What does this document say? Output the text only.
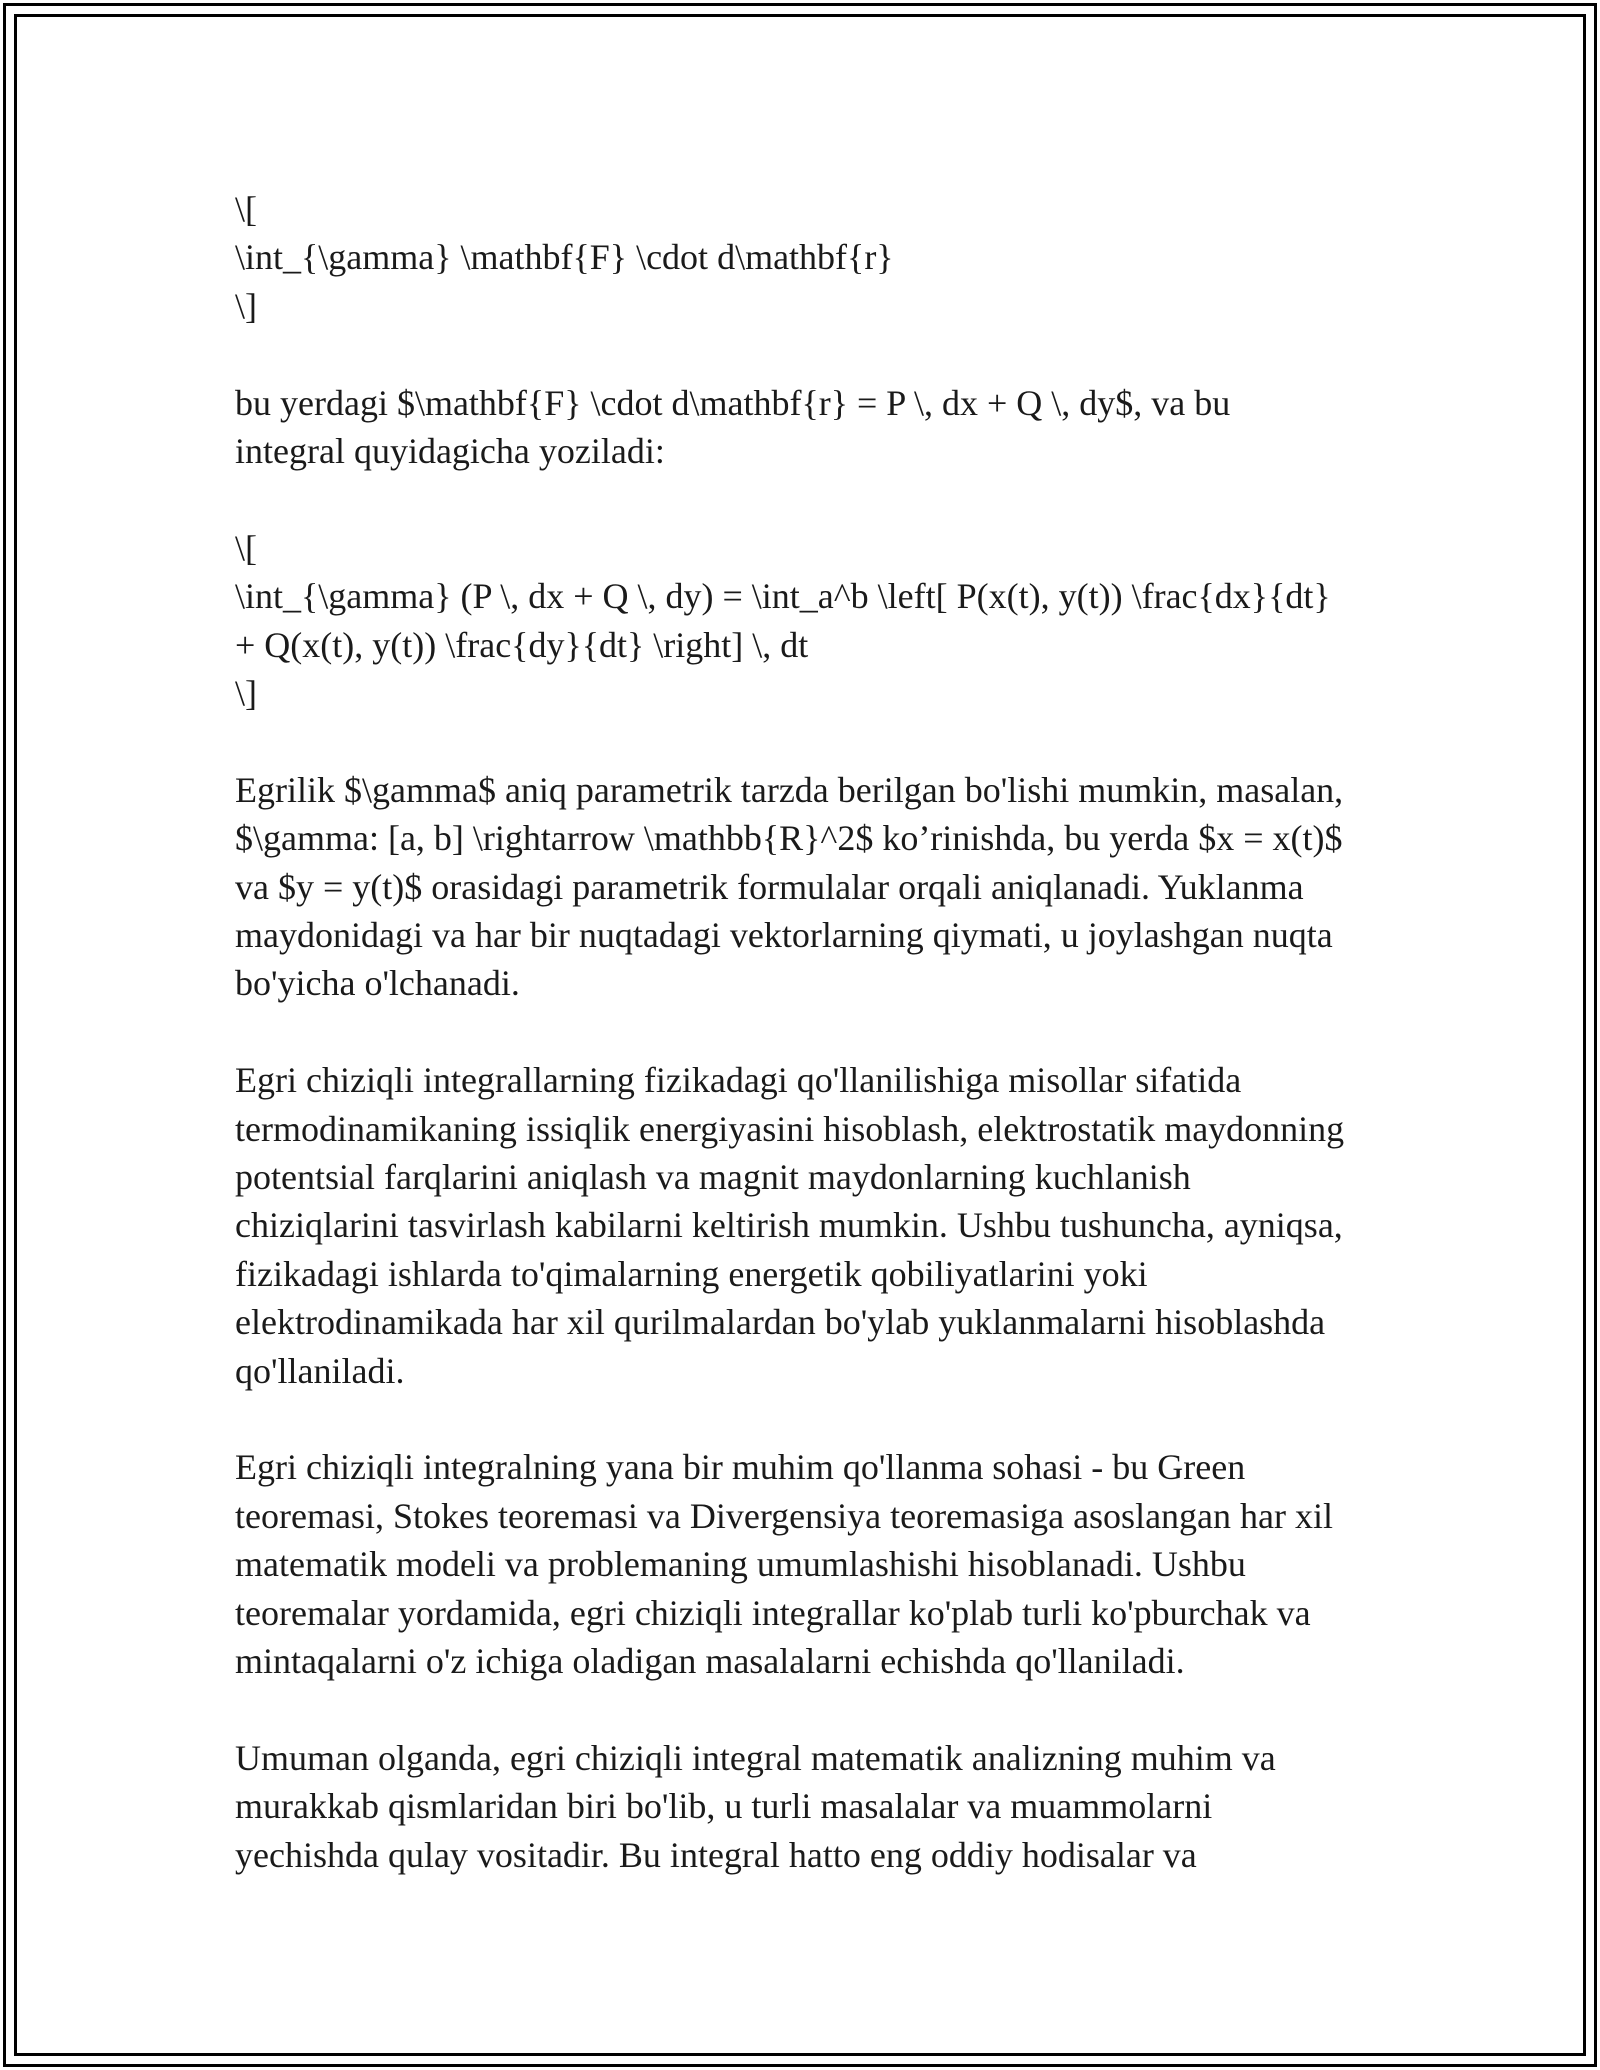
\[
\int_{\gamma} \mathbf{F} \cdot d\mathbf{r}
\]
bu yerdagi $\mathbf{F} \cdot d\mathbf{r} = P \, dx + Q \, dy$, va bu
integral quyidagicha yoziladi:
\[
\int_{\gamma} (P \, dx + Q \, dy) = \int_a^b \left[ P(x(t), y(t)) \frac{dx}{dt}
+ Q(x(t), y(t)) \frac{dy}{dt} \right] \, dt
\]
Egrilik $\gamma$ aniq parametrik tarzda berilgan bo'lishi mumkin, masalan,
$\gamma: [a, b] \rightarrow \mathbb{R}^2$ ko’rinishda, bu yerda $x = x(t)$
va $y = y(t)$ orasidagi parametrik formulalar orqali aniqlanadi. Yuklanma
maydonidagi va har bir nuqtadagi vektorlarning qiymati, u joylashgan nuqta
bo'yicha o'lchanadi.
Egri chiziqli integrallarning fizikadagi qo'llanilishiga misollar sifatida
termodinamikaning issiqlik energiyasini hisoblash, elektrostatik maydonning
potentsial farqlarini aniqlash va magnit maydonlarning kuchlanish
chiziqlarini tasvirlash kabilarni keltirish mumkin. Ushbu tushuncha, ayniqsa,
fizikadagi ishlarda to'qimalarning energetik qobiliyatlarini yoki
elektrodinamikada har xil qurilmalardan bo'ylab yuklanmalarni hisoblashda
qo'llaniladi.
Egri chiziqli integralning yana bir muhim qo'llanma sohasi - bu Green
teoremasi, Stokes teoremasi va Divergensiya teoremasiga asoslangan har xil
matematik modeli va problemaning umumlashishi hisoblanadi. Ushbu
teoremalar yordamida, egri chiziqli integrallar ko'plab turli ko'pburchak va
mintaqalarni o'z ichiga oladigan masalalarni echishda qo'llaniladi.
Umuman olganda, egri chiziqli integral matematik analizning muhim va
murakkab qismlaridan biri bo'lib, u turli masalalar va muammolarni
yechishda qulay vositadir. Bu integral hatto eng oddiy hodisalar va
